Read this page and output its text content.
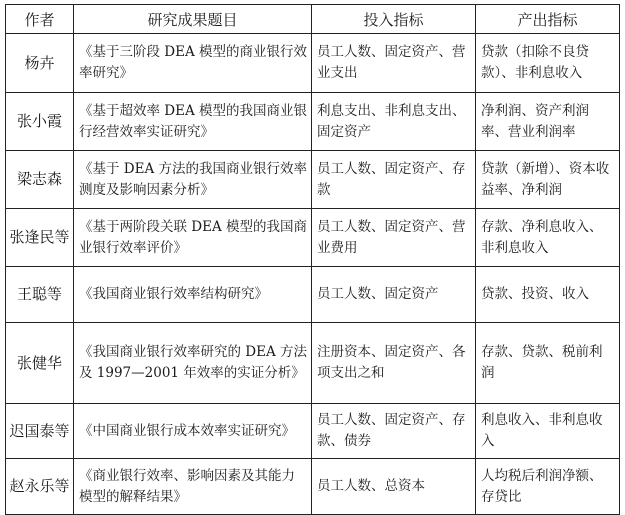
作者	研究成果题目	投入指标	产出指标
杨卉	《基于三阶段 DEA 模型的商业银行效率研究》	员工人数、固定资产、营业支出	贷款（扣除不良贷款）、非利息收入
张小霞	《基于超效率 DEA 模型的我国商业银行经营效率实证研究》	利息支出、非利息支出、固定资产	净利润、资产利润率、营业利润率
梁志森	《基于 DEA 方法的我国商业银行效率测度及影响因素分析》	员工人数、固定资产、存款	贷款（新增）、资本收益率、净利润
张逢民等	《基于两阶段关联 DEA 模型的我国商业银行效率评价》	员工人数、固定资产、营业费用	存款、净利息收入、非利息收入
王聪等	《我国商业银行效率结构研究》	员工人数、固定资产	贷款、投资、收入
张健华	《我国商业银行效率研究的 DEA 方法及 1997—2001 年效率的实证分析》	注册资本、固定资产、各项支出之和	存款、贷款、税前利润
迟国泰等	《中国商业银行成本效率实证研究》	员工人数、固定资产、存款、债券	利息收入、非利息收入
赵永乐等	《商业银行效率、影响因素及其能力模型的解释结果》	员工人数、总资本	人均税后利润净额、存贷比
